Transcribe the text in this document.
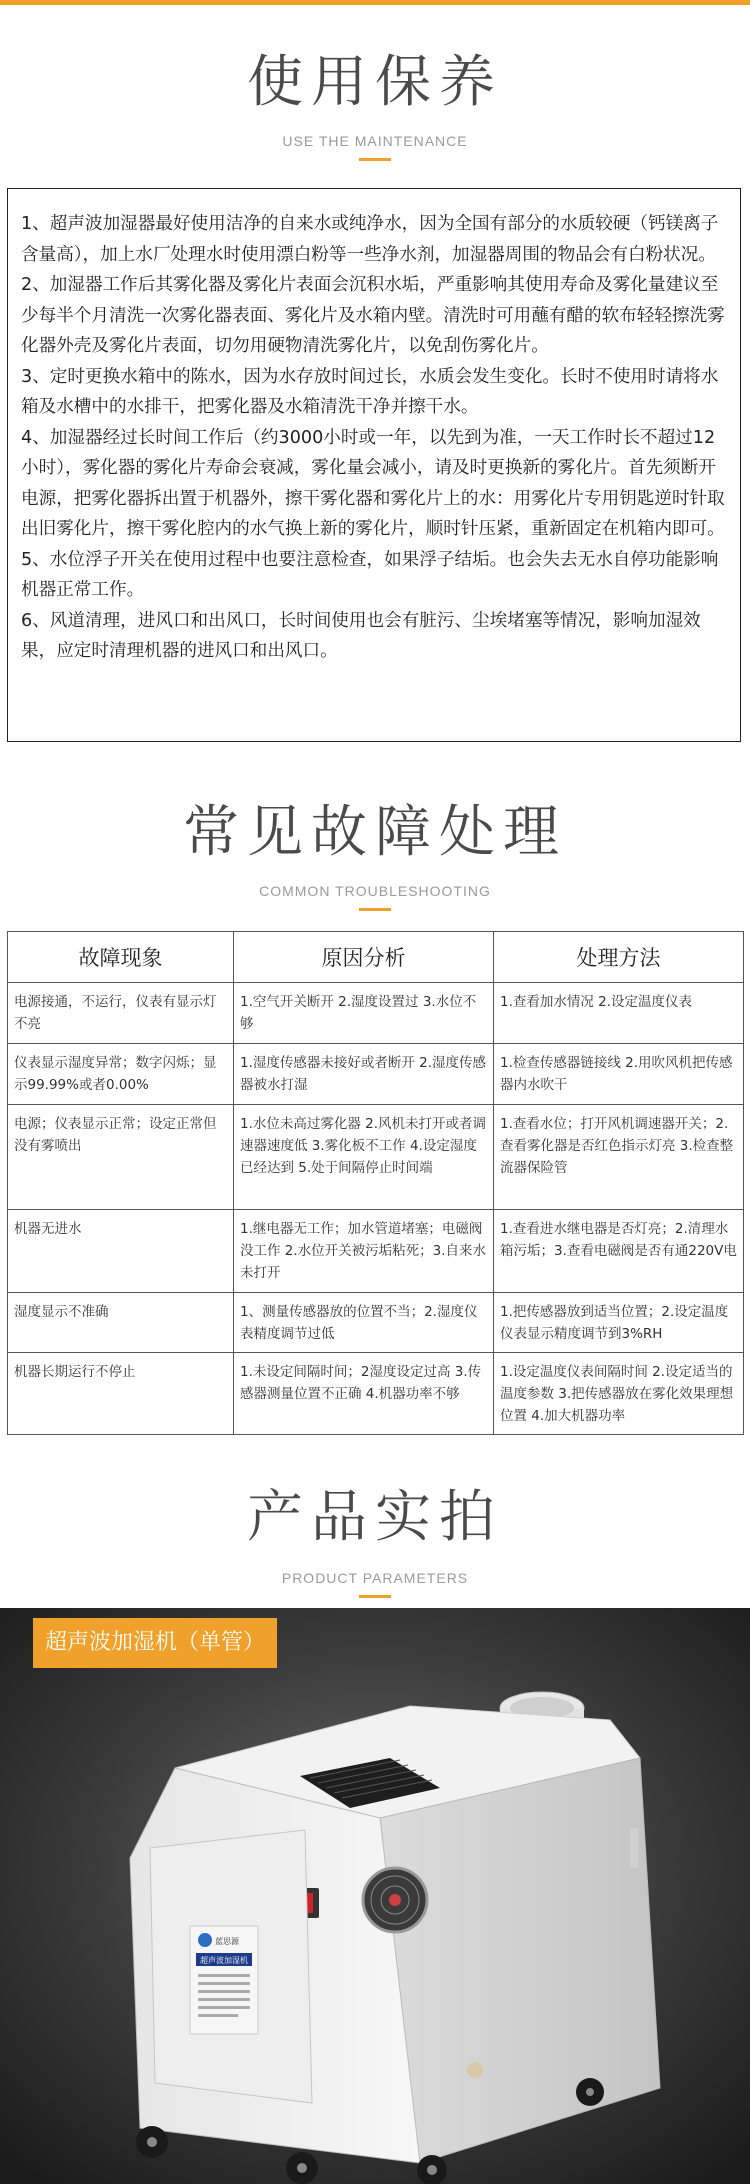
使用保养
USE THE MAINTENANCE

1、超声波加湿器最好使用洁净的自来水或纯净水，因为全国有部分的水质较硬（钙镁离子含量高），加上水厂处理水时使用漂白粉等一些净水剂，加湿器周围的物品会有白粉状况。

2、加湿器工作后其雾化器及雾化片表面会沉积水垢，严重影响其使用寿命及雾化量建议至少每半个月清洗一次雾化器表面、雾化片及水箱内壁。清洗时可用蘸有醋的软布轻轻擦洗雾化器外壳及雾化片表面，切勿用硬物清洗雾化片，以免刮伤雾化片。

3、定时更换水箱中的陈水，因为水存放时间过长，水质会发生变化。长时不使用时请将水箱及水槽中的水排干，把雾化器及水箱清洗干净并擦干水。

4、加湿器经过长时间工作后（约3000小时或一年，以先到为准，一天工作时长不超过12小时），雾化器的雾化片寿命会衰减，雾化量会减小，请及时更换新的雾化片。首先须断开电源，把雾化器拆出置于机器外，擦干雾化器和雾化片上的水：用雾化片专用钥匙逆时针取出旧雾化片，擦干雾化腔内的水气换上新的雾化片，顺时针压紧，重新固定在机箱内即可。

5、水位浮子开关在使用过程中也要注意检查，如果浮子结垢。也会失去无水自停功能影响机器正常工作。

6、风道清理，进风口和出风口，长时间使用也会有脏污、尘埃堵塞等情况，影响加湿效果，应定时清理机器的进风口和出风口。

常见故障处理
COMMON TROUBLESHOOTING
故障现象	原因分析	处理方法
电源接通，不运行，仪表有显示灯不亮	1.空气开关断开 2.湿度设置过 3.水位不够	1.查看加水情况 2.设定温度仪表
仪表显示湿度异常；数字闪烁；显示99.99%或者0.00%	1.湿度传感器未接好或者断开 2.湿度传感器被水打湿	1.检查传感器链接线 2.用吹风机把传感器内水吹干
电源；仪表显示正常；设定正常但没有雾喷出	1.水位未高过雾化器 2.风机未打开或者调速器速度低 3.雾化板不工作 4.设定湿度已经达到 5.处于间隔停止时间端	1.查看水位；打开风机调速器开关；2.查看雾化器是否红色指示灯亮 3.检查整流器保险管
机器无进水	1.继电器无工作；加水管道堵塞；电磁阀没工作 2.水位开关被污垢粘死；3.自来水未打开	1.查看进水继电器是否灯亮；2.清理水箱污垢；3.查看电磁阀是否有通220V电
湿度显示不准确	1、测量传感器放的位置不当；2.湿度仪表精度调节过低	1.把传感器放到适当位置；2.设定温度仪表显示精度调节到3%RH
机器长期运行不停止	1.未设定间隔时间；2湿度设定过高 3.传感器测量位置不正确 4.机器功率不够	1.设定温度仪表间隔时间 2.设定适当的温度参数 3.把传感器放在雾化效果理想位置 4.加大机器功率
产品实拍
PRODUCT PARAMETERS
蓝思源
超声波加湿机
超声波加湿机（单管）
